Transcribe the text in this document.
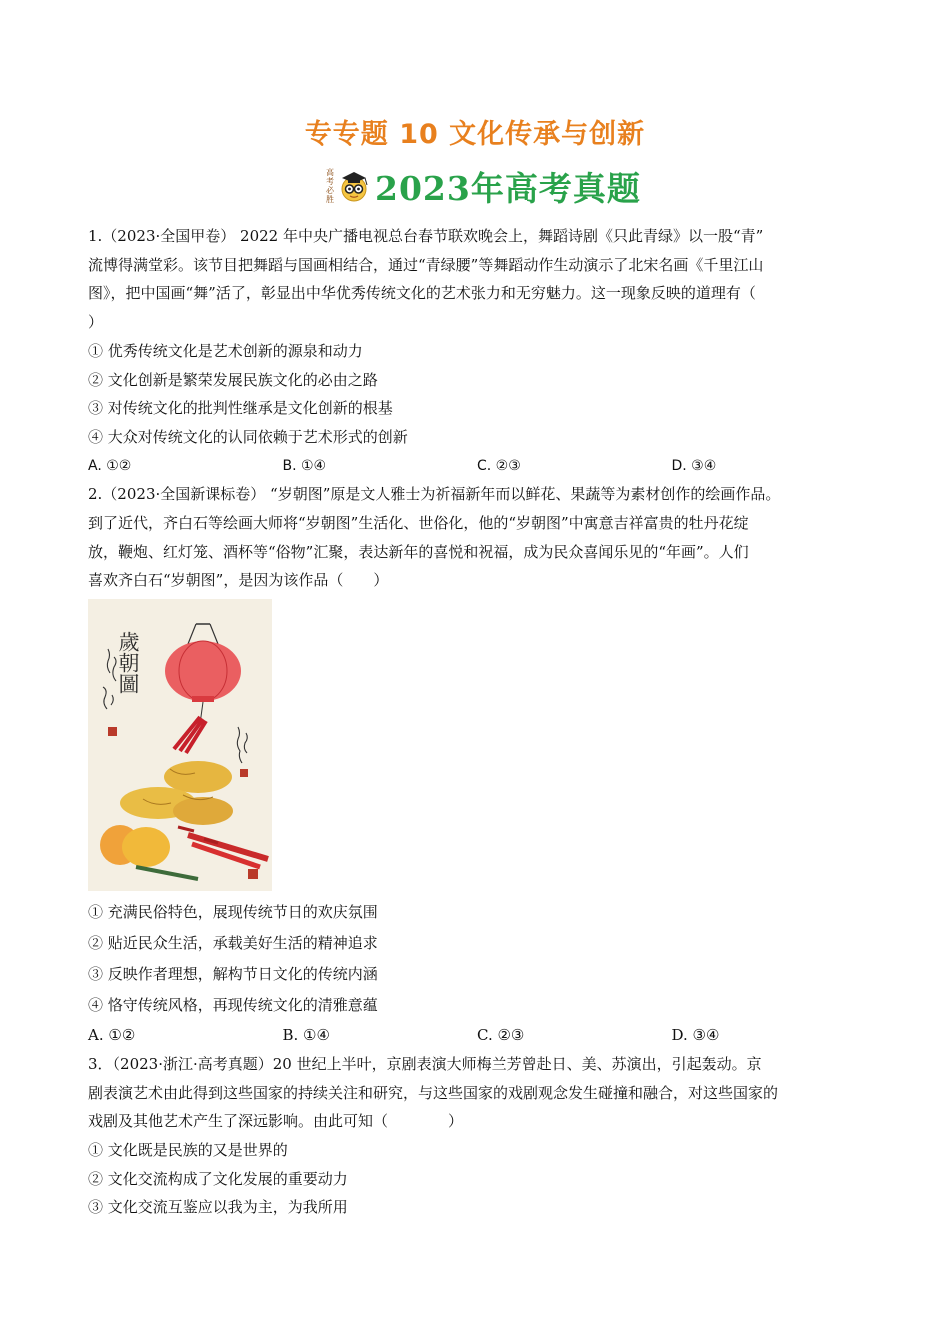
专专题 10 文化传承与创新
高
考
必
胜 2023年高考真题

1.（2023·全国甲卷） 2022 年中央广播电视总台春节联欢晚会上，舞蹈诗剧《只此青绿》以一股“青”

流博得满堂彩。该节目把舞蹈与国画相结合，通过“青绿腰”等舞蹈动作生动演示了北宋名画《千里江山

图》，把中国画“舞”活了，彰显出中华优秀传统文化的艺术张力和无穷魅力。这一现象反映的道理有（

）

① 优秀传统文化是艺术创新的源泉和动力

② 文化创新是繁荣发展民族文化的必由之路

③ 对传统文化的批判性继承是文化创新的根基

④ 大众对传统文化的认同依赖于艺术形式的创新

A. ①②	B. ①④	C. ②③	D. ③④

2.（2023·全国新课标卷） “岁朝图”原是文人雅士为祈福新年而以鲜花、果蔬等为素材创作的绘画作品。

到了近代，齐白石等绘画大师将“岁朝图”生活化、世俗化，他的“岁朝图”中寓意吉祥富贵的牡丹花绽

放，鞭炮、红灯笼、酒杯等“俗物”汇聚，表达新年的喜悦和祝福，成为民众喜闻乐见的“年画”。人们

喜欢齐白石“岁朝图”，是因为该作品（　　）

歲朝圖

① 充满民俗特色，展现传统节日的欢庆氛围

② 贴近民众生活，承载美好生活的精神追求

③ 反映作者理想，解构节日文化的传统内涵

④ 恪守传统风格，再现传统文化的清雅意蕴

A. ①②	B. ①④	C. ②③	D. ③④

3．（2023·浙江·高考真题）20 世纪上半叶，京剧表演大师梅兰芳曾赴日、美、苏演出，引起轰动。京

剧表演艺术由此得到这些国家的持续关注和研究，与这些国家的戏剧观念发生碰撞和融合，对这些国家的

戏剧及其他艺术产生了深远影响。由此可知（　　　　）

① 文化既是民族的又是世界的

② 文化交流构成了文化发展的重要动力

③ 文化交流互鉴应以我为主，为我所用
